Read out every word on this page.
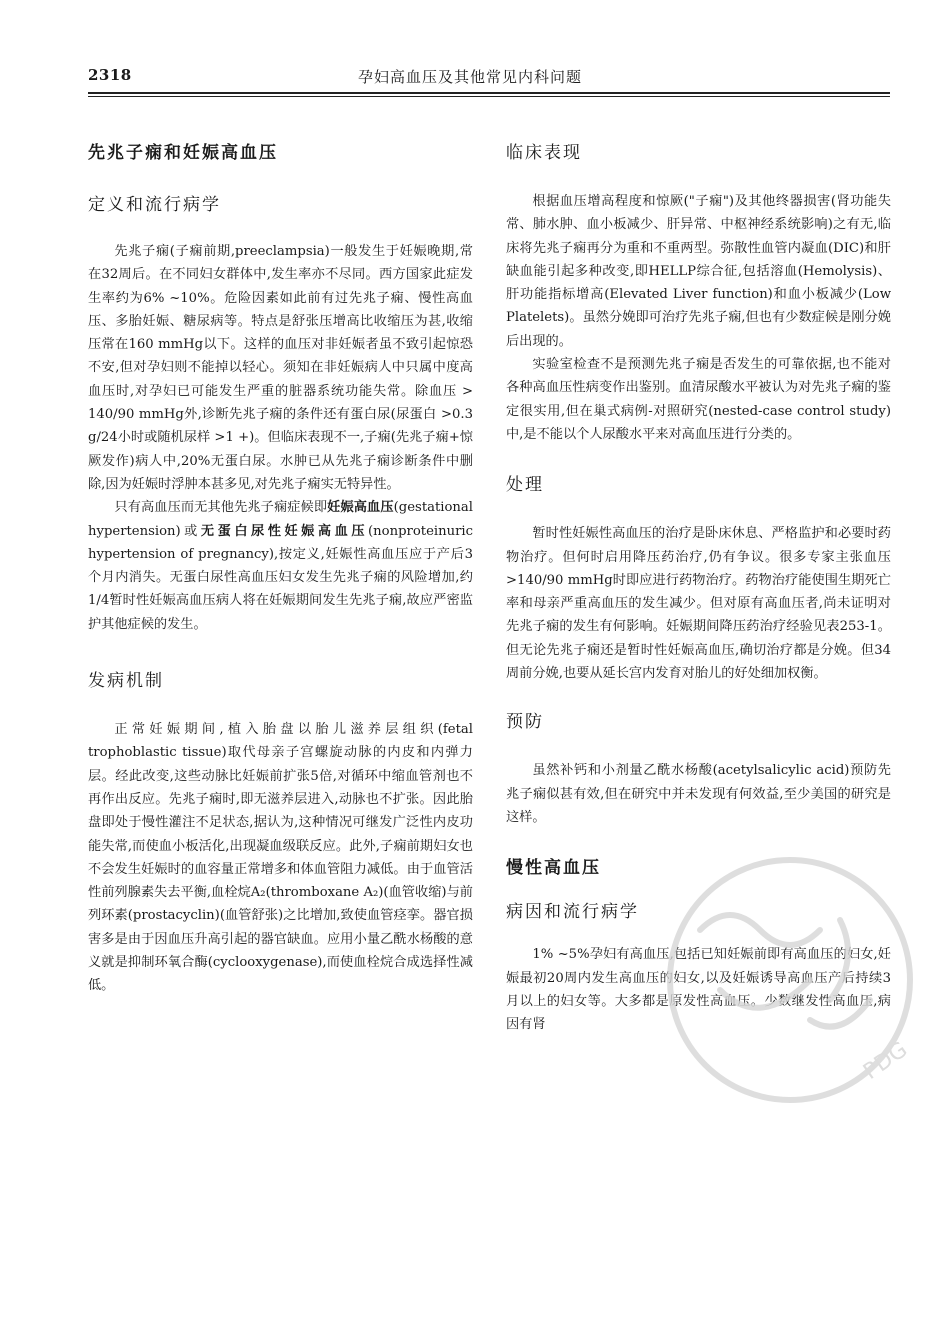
2318	孕妇高血压及其他常见内科问题
先兆子痫和妊娠高血压
定义和流行病学

先兆子痫(子痫前期,preeclampsia)一般发生于妊娠晚期,常在32周后。在不同妇女群体中,发生率亦不尽同。西方国家此症发生率约为6% ~10%。危险因素如此前有过先兆子痫、慢性高血压、多胎妊娠、糖尿病等。特点是舒张压增高比收缩压为甚,收缩压常在160 mmHg以下。这样的血压对非妊娠者虽不致引起惊恐不安,但对孕妇则不能掉以轻心。须知在非妊娠病人中只属中度高血压时,对孕妇已可能发生严重的脏器系统功能失常。除血压 > 140/90 mmHg外,诊断先兆子痫的条件还有蛋白尿(尿蛋白 >0.3 g/24小时或随机尿样 >1 +)。但临床表现不一,子痫(先兆子痫+惊厥发作)病人中,20%无蛋白尿。水肿已从先兆子痫诊断条件中删除,因为妊娠时浮肿本甚多见,对先兆子痫实无特异性。

只有高血压而无其他先兆子痫症候即妊娠高血压(gestational hypertension)或无蛋白尿性妊娠高血压(nonproteinuric hypertension of pregnancy),按定义,妊娠性高血压应于产后3个月内消失。无蛋白尿性高血压妇女发生先兆子痫的风险增加,约1/4暂时性妊娠高血压病人将在妊娠期间发生先兆子痫,故应严密监护其他症候的发生。

发病机制

正常妊娠期间,植入胎盘以胎儿滋养层组织(fetal trophoblastic tissue)取代母亲子宫螺旋动脉的内皮和内弹力层。经此改变,这些动脉比妊娠前扩张5倍,对循环中缩血管剂也不再作出反应。先兆子痫时,即无滋养层进入,动脉也不扩张。因此胎盘即处于慢性灌注不足状态,据认为,这种情况可继发广泛性内皮功能失常,而使血小板活化,出现凝血级联反应。此外,子痫前期妇女也不会发生妊娠时的血容量正常增多和体血管阻力减低。由于血管活性前列腺素失去平衡,血栓烷A₂(thromboxane A₂)(血管收缩)与前列环素(prostacyclin)(血管舒张)之比增加,致使血管痉挛。器官损害多是由于因血压升高引起的器官缺血。应用小量乙酰水杨酸的意义就是抑制环氧合酶(cyclooxygenase),而使血栓烷合成选择性减低。

临床表现

根据血压增高程度和惊厥("子痫")及其他终器损害(肾功能失常、肺水肿、血小板减少、肝异常、中枢神经系统影响)之有无,临床将先兆子痫再分为重和不重两型。弥散性血管内凝血(DIC)和肝缺血能引起多种改变,即HELLP综合征,包括溶血(Hemolysis)、肝功能指标增高(Elevated Liver function)和血小板减少(Low Platelets)。虽然分娩即可治疗先兆子痫,但也有少数症候是刚分娩后出现的。

实验室检查不是预测先兆子痫是否发生的可靠依据,也不能对各种高血压性病变作出鉴别。血清尿酸水平被认为对先兆子痫的鉴定很实用,但在巢式病例-对照研究(nested-case control study)中,是不能以个人尿酸水平来对高血压进行分类的。

处理

暂时性妊娠性高血压的治疗是卧床休息、严格监护和必要时药物治疗。但何时启用降压药治疗,仍有争议。很多专家主张血压 >140/90 mmHg时即应进行药物治疗。药物治疗能使围生期死亡率和母亲严重高血压的发生减少。但对原有高血压者,尚未证明对先兆子痫的发生有何影响。妊娠期间降压药治疗经验见表253-1。但无论先兆子痫还是暂时性妊娠高血压,确切治疗都是分娩。但34周前分娩,也要从延长宫内发育对胎儿的好处细加权衡。

预防

虽然补钙和小剂量乙酰水杨酸(acetylsalicylic acid)预防先兆子痫似甚有效,但在研究中并未发现有何效益,至少美国的研究是这样。

慢性高血压
病因和流行病学

1% ~5%孕妇有高血压,包括已知妊娠前即有高血压的妇女,妊娠最初20周内发生高血压的妇女,以及妊娠诱导高血压产后持续3月以上的妇女等。大多都是原发性高血压。少数继发性高血压,病因有肾

PDG
